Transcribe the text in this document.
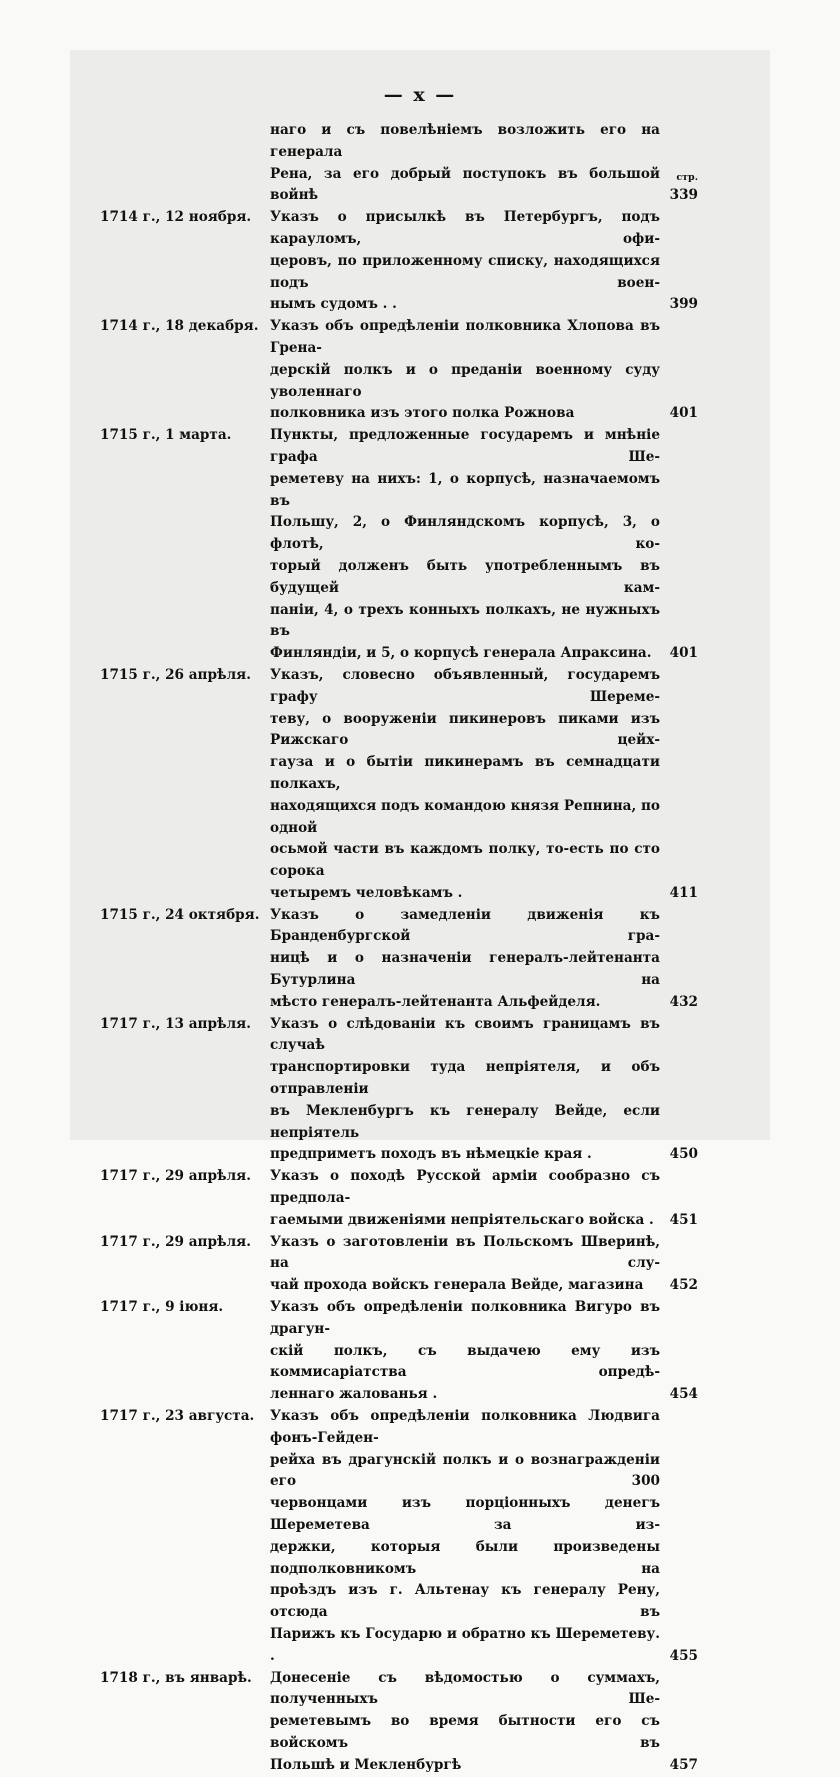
— x —
наго и съ повелѣніемъ возложить его на генерала
Рена, за его добрый поступокъ въ большой войнѣ
стр.
339
1714 г., 12 ноября.	Указъ о присылкѣ въ Петербургъ, подъ карауломъ, офи-
церовъ, по приложенному списку, находящихся подъ воен-
нымъ судомъ . .	399
1714 г., 18 декабря. Указъ объ опредѣленіи полковника Хлопова въ Грена-
дерскій полкъ и о преданіи военному суду уволеннаго
полковника изъ этого полка Рожнова	401
1715 г., 1 марта.	Пункты, предложенные государемъ и мнѣніе графа Ше-
реметеву на нихъ: 1, о корпусѣ, назначаемомъ въ
Польшу, 2, о Финляндскомъ корпусѣ, 3, о флотѣ, ко-
торый долженъ быть употребленнымъ въ будущей кам-
паніи, 4, о трехъ конныхъ полкахъ, не нужныхъ въ
Финляндіи, и 5, о корпусѣ генерала Апраксина.	401
1715 г., 26 апрѣля.	Указъ, словесно объявленный, государемъ графу Шереме-
теву, о вооруженіи пикинеровъ пиками изъ Рижскаго цейх-
гауза и о бытіи пикинерамъ въ семнадцати полкахъ,
находящихся подъ командою князя Репнина, по одной
осьмой части въ каждомъ полку, то-есть по сто сорока
четыремъ человѣкамъ .	411
1715 г., 24 октября. Указъ о замедленіи движенія къ Бранденбургской гра-
ницѣ и о назначеніи генералъ-лейтенанта Бутурлина на
мѣсто генералъ-лейтенанта Альфейделя.	432
1717 г., 13 апрѣля.	Указъ о слѣдованіи къ своимъ границамъ въ случаѣ
транспортировки туда непріятеля, и объ отправленіи
въ Мекленбургъ къ генералу Вейде, если непріятель
предприметъ походъ въ нѣмецкіе края .	450
1717 г., 29 апрѣля.	Указъ о походѣ Русской арміи сообразно съ предпола-
гаемыми движеніями непріятельскаго войска .	451
1717 г., 29 апрѣля.	Указъ о заготовленіи въ Польскомъ Шверинѣ, на слу-
чай прохода войскъ генерала Вейде, магазина	452
1717 г., 9 іюня.	Указъ объ опредѣленіи полковника Вигуро въ драгун-
скій полкъ, съ выдачею ему изъ коммисаріатства опредѣ-
леннаго жалованья .	454
1717 г., 23 августа.	Указъ объ опредѣленіи полковника Людвига фонъ-Гейден-
рейха въ драгунскій полкъ и о вознагражденіи его 300
червонцами изъ порціонныхъ денегъ Шереметева за из-
держки, которыя были произведены подполковникомъ на
проѣздъ изъ г. Альтенау къ генералу Рену, отсюда въ
Парижъ къ Государю и обратно къ Шереметеву. .	455
1718 г., въ январѣ.	Донесеніе съ вѣдомостью о суммахъ, полученныхъ Ше-
реметевымъ во время бытности его съ войскомъ въ
Польшѣ и Мекленбургѣ	457
